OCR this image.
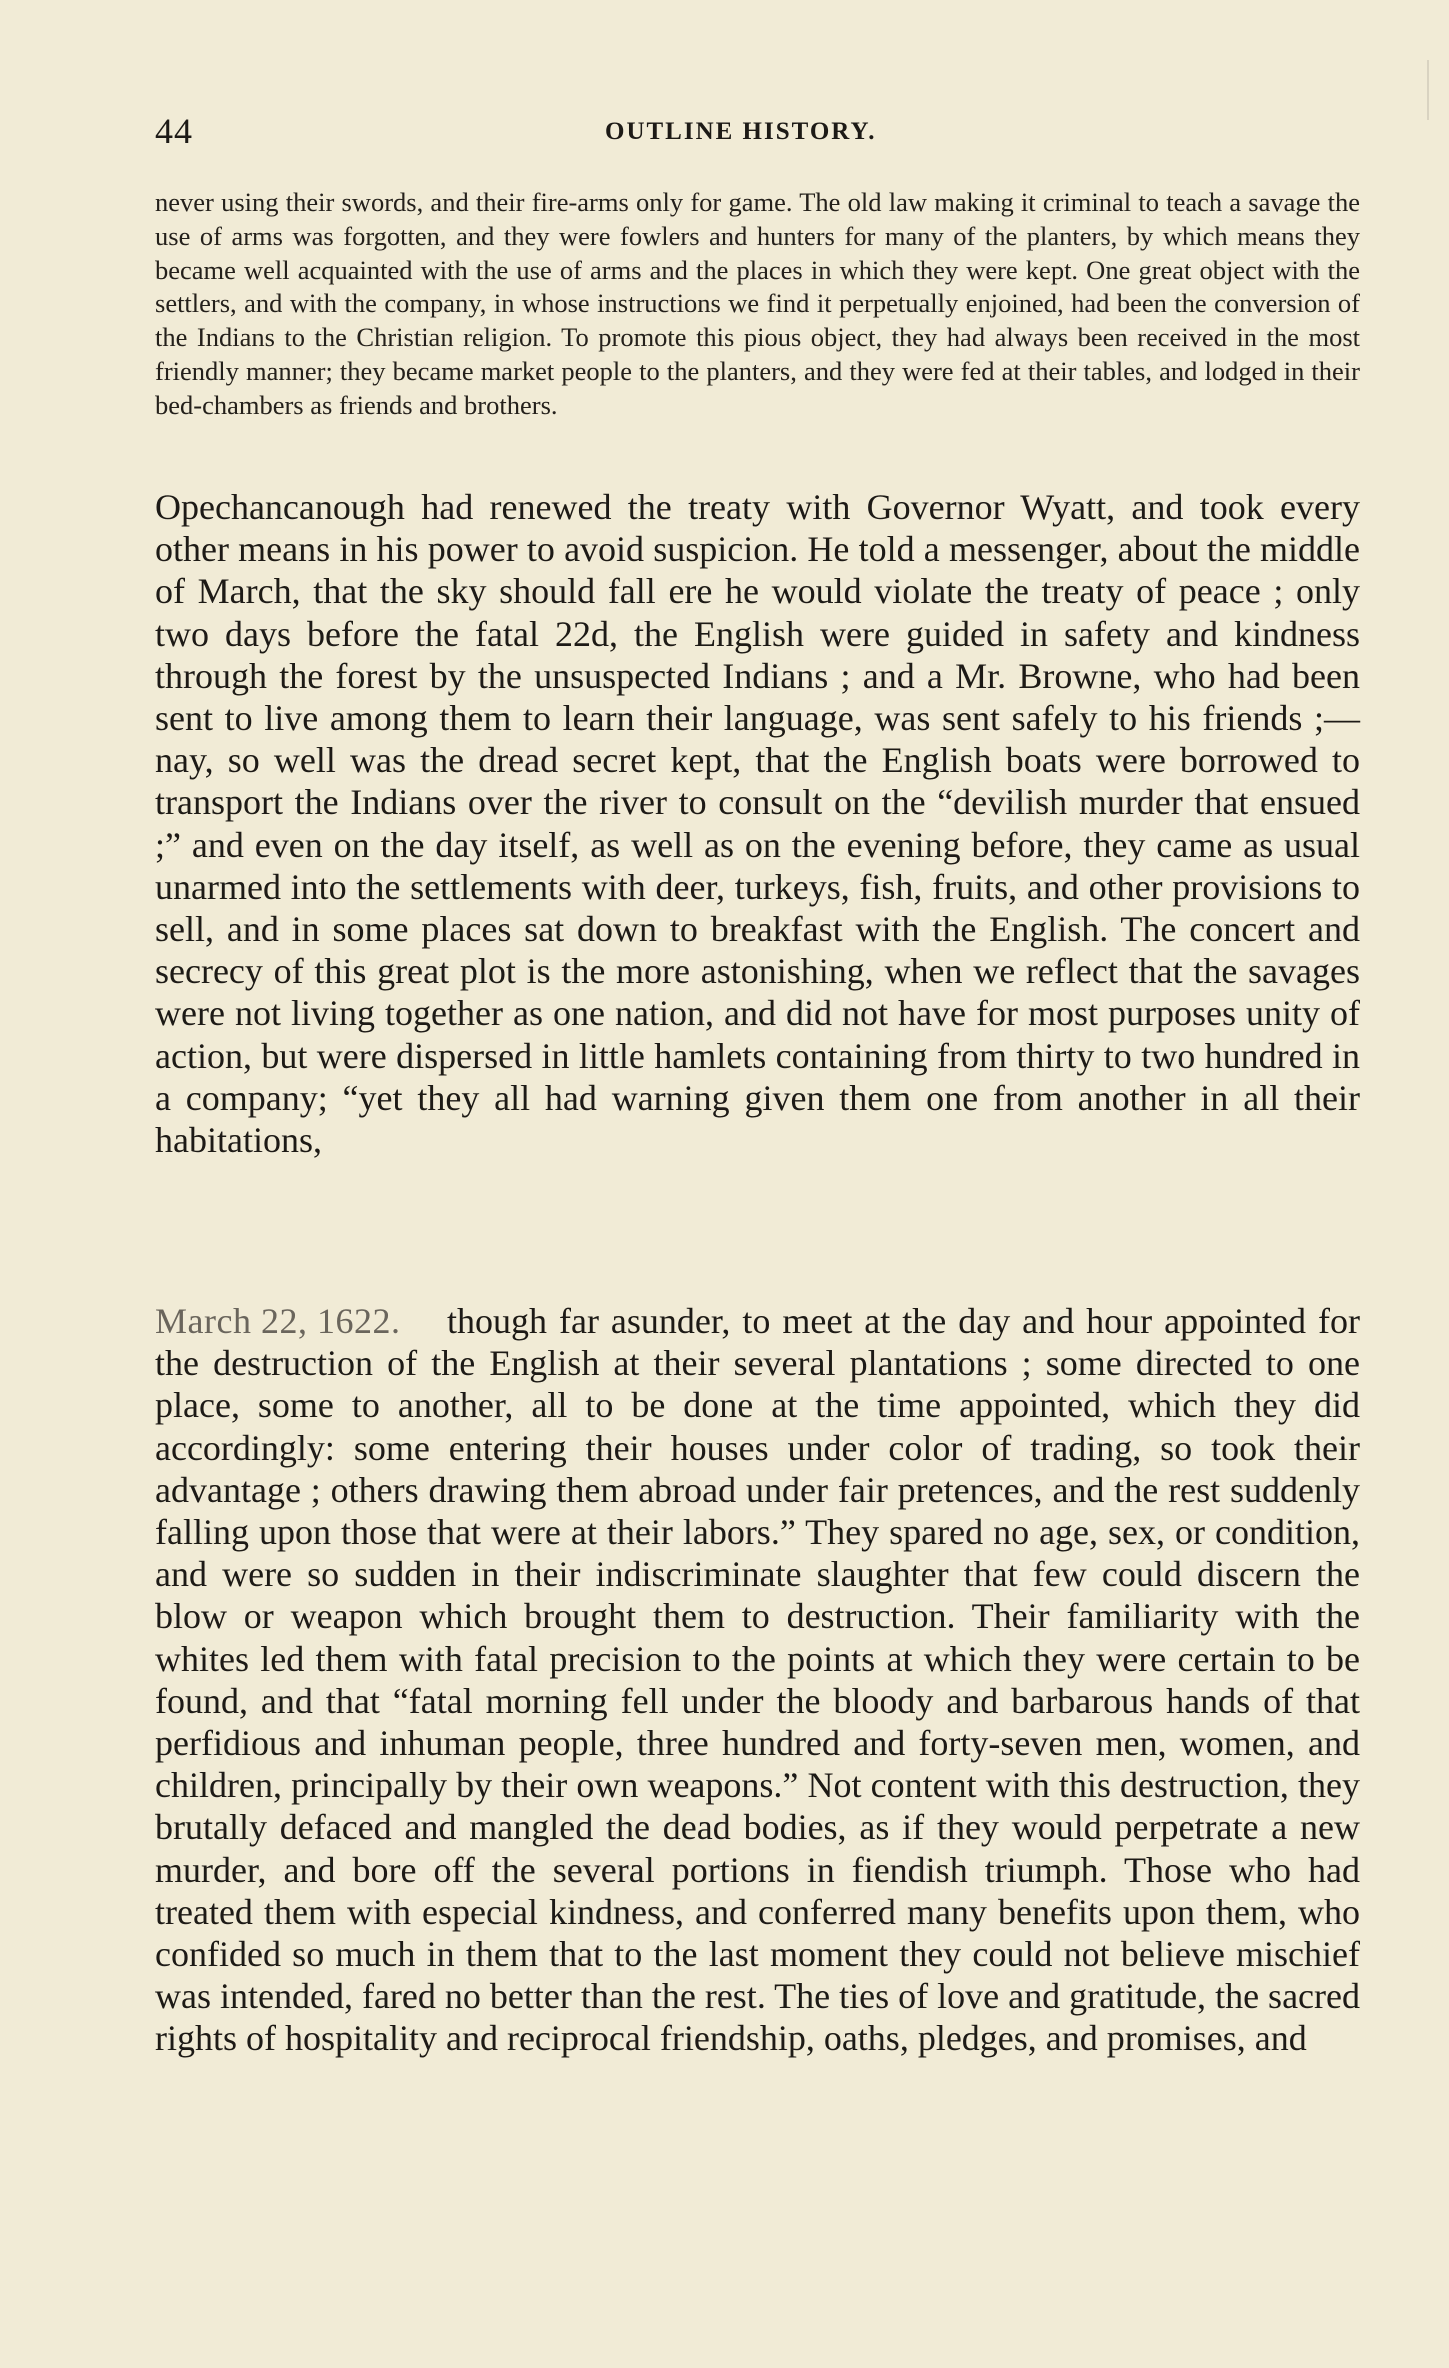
44	OUTLINE HISTORY.

never using their swords, and their fire-arms only for game. The old law making it criminal to teach a savage the use of arms was forgotten, and they were fowlers and hunters for many of the planters, by which means they became well acquainted with the use of arms and the places in which they were kept. One great object with the settlers, and with the company, in whose instructions we find it perpetually enjoined, had been the conversion of the Indians to the Christian religion. To promote this pious object, they had always been received in the most friendly manner; they became market people to the planters, and they were fed at their tables, and lodged in their bed-chambers as friends and brothers.

Opechancanough had renewed the treaty with Governor Wyatt, and took every other means in his power to avoid suspicion. He told a messenger, about the middle of March, that the sky should fall ere he would violate the treaty of peace ; only two days before the fatal 22d, the English were guided in safety and kindness through the forest by the unsuspected Indians ; and a Mr. Browne, who had been sent to live among them to learn their language, was sent safely to his friends ;—nay, so well was the dread secret kept, that the English boats were borrowed to transport the Indians over the river to consult on the “devilish murder that ensued ;” and even on the day itself, as well as on the evening before, they came as usual unarmed into the settlements with deer, turkeys, fish, fruits, and other provisions to sell, and in some places sat down to breakfast with the English. The concert and secrecy of this great plot is the more astonishing, when we reflect that the savages were not living together as one nation, and did not have for most purposes unity of action, but were dispersed in little hamlets containing from thirty to two hundred in a company; “yet they all had warning given them one from another in all their habitations,

March 22, 1622.	though far asunder, to meet at the day and hour appointed for the destruction of the English at their several plantations ; some directed to one place, some to another, all to be done at the time appointed, which they did accordingly: some entering their houses under color of trading, so took their advantage ; others drawing them abroad under fair pretences, and the rest suddenly falling upon those that were at their labors.” They spared no age, sex, or condition, and were so sudden in their indiscriminate slaughter that few could discern the blow or weapon which brought them to destruction. Their familiarity with the whites led them with fatal precision to the points at which they were certain to be found, and that “fatal morning fell under the bloody and barbarous hands of that perfidious and inhuman people, three hundred and forty-seven men, women, and children, principally by their own weapons.” Not content with this destruction, they brutally defaced and mangled the dead bodies, as if they would perpetrate a new murder, and bore off the several portions in fiendish triumph. Those who had treated them with especial kindness, and conferred many benefits upon them, who confided so much in them that to the last moment they could not believe mischief was intended, fared no better than the rest. The ties of love and gratitude, the sacred rights of hospitality and reciprocal friendship, oaths, pledges, and promises, and
